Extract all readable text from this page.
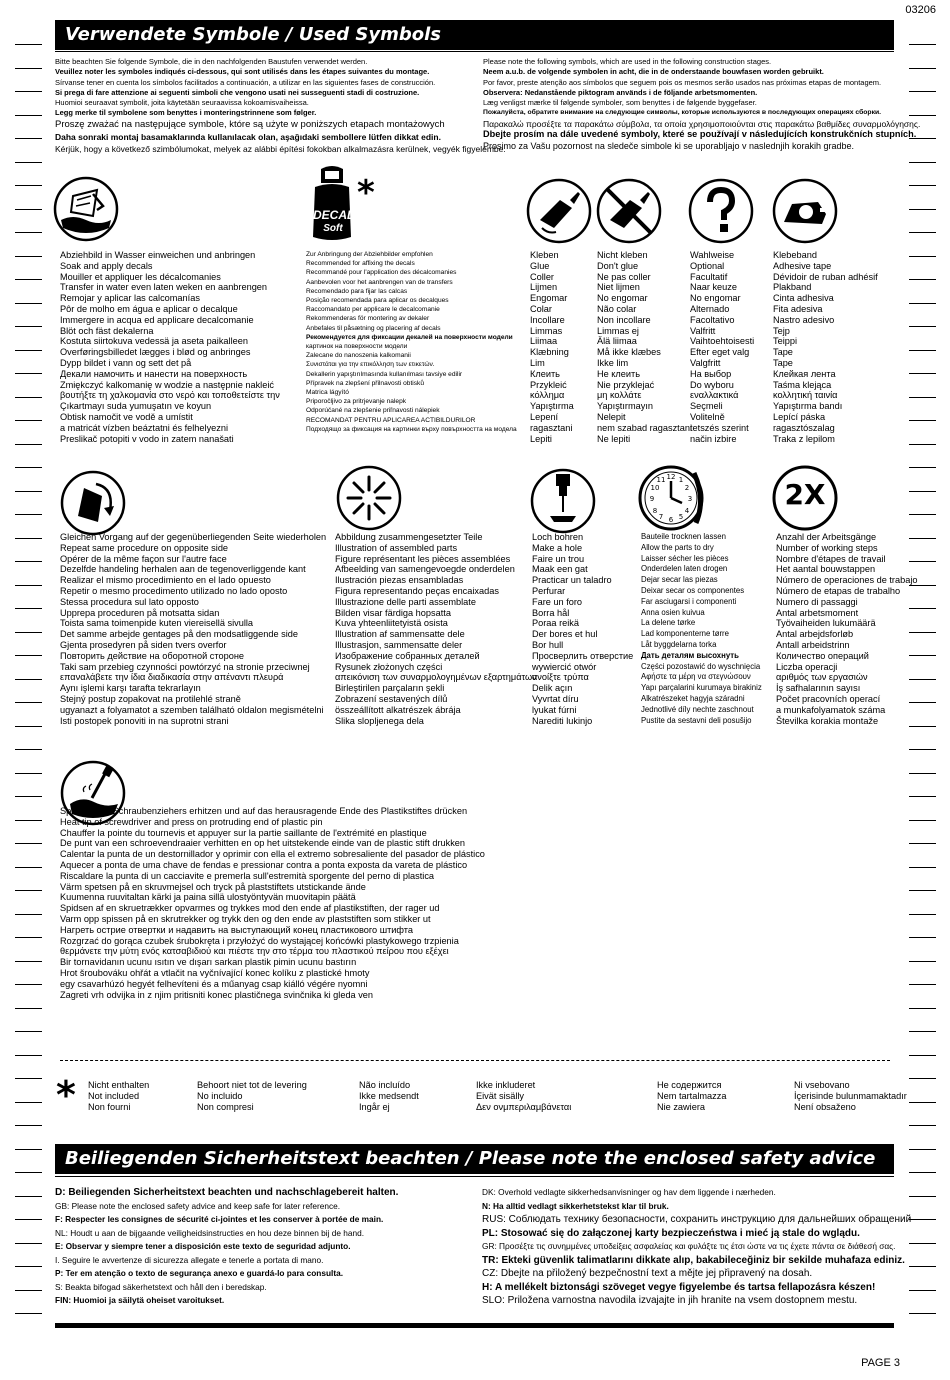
03206
Verwendete Symbole / Used Symbols
Bitte beachten Sie folgende Symbole, die in den nachfolgenden Baustufen verwendet werden.
Veuillez noter les symboles indiqués ci-dessous, qui sont utilisés dans les étapes suivantes du montage.
Sírvanse tener en cuenta los símbolos facilitados a continuación, a utilizar en las siguientes fases de construcción.
Si prega di fare attenzione ai seguenti simboli che vengono usati nei susseguenti stadi di costruzione.
Huomioi seuraavat symbolit, joita käytetään seuraavissa kokoamisvaiheissa.
Legg merke til symbolene som benyttes i monteringstrinnene som følger.
Proszę zważać na następujące symbole, które są użyte w poniższych etapach montażowych
Daha sonraki montaj basamaklarında kullanılacak olan, aşağıdaki sembollere lütfen dikkat edin.
Kérjük, hogy a következő szimbólumokat, melyek az alábbi építési fokokban alkalmazásra kerülnek, vegyék figyelembe.
Please note the following symbols, which are used in the following construction stages.
Neem a.u.b. de volgende symbolen in acht, die in de onderstaande bouwfasen worden gebruikt.
Por favor, preste atenção aos símbolos que seguem pois os mesmos serão usados nas próximas etapas de montagem.
Observera: Nedanstående piktogram används i de följande arbetsmomenten.
Læg venligst mærke til følgende symboler, som benyttes i de følgende byggefaser.
Пожалуйста, обратите внимание на следующие символы, которые используются в последующих операциях сборки.
Παρακαλώ προσέξτε τα παρακάτω σύμβολα, τα οποία χρησιμοποιούνται στις παρακάτω βαθμίδες συναρμολόγησης.
Dbejte prosím na dále uvedené symboly, které se používají v následujících konstrukčních stupních.
Prosimo za Vašu pozornost na sledeče simbole ki se uporabljajo v naslednjih korakih gradbe.
DECAL
Soft
*
Abziehbild in Wasser einweichen und anbringen
Soak and apply decals
Mouiller et appliquer les décalcomanies
Transfer in water even laten weken en aanbrengen
Remojar y aplicar las calcomanías
Pôr de molho em água e aplicar o decalque
Immergere in acqua ed applicare decalcomanie
Blöt och fäst dekalerna
Kostuta siirtokuva vedessä ja aseta paikalleen
Overføringsbilledet lægges i blød og anbringes
Dypp bildet i vann og sett det på
Декали намочить и нанести на поверхность
Zmiękczyć kalkomanię w wodzie a następnie nakleić
βουτήξτε τη χαλκομανία στο νερό και τοποθετείστε την
Çıkartmayı suda yumuşatın ve koyun
Obtisk namočit ve vodě a umístit
a matricát vízben beáztatni és felhelyezni
Preslikač potopiti v vodo in zatem nanašati
Zur Anbringung der Abziehbilder empfohlen
Recommended for affixing the decals
Recommandé pour l'application des décalcomanies
Aanbevolen voor het aanbrengen van de transfers
Recomendado para fijar las calcas
Posição recomendada para aplicar os decalques
Raccomandato per applicare le decalcomanie
Rekommenderas för montering av dekaler
Anbefales til påsætning og placering af decals
Рекомендуется для фиксации декалей на поверхности модели
картинок на поверхности модели
Zalecane do nanoszenia kalkomanii
Συνιστάται για την επικόλληση των ετικετών.
Dekallerin yapıştırılmasında kullanılması tavsiye edilir
Přípravek na zlepšení přilnavosti obtisků
Matrica lágyító
Priporočljivo za pritrjevanje nalepk
Odporúčané na zlepšenie priľnavosti nálepiek
RECOMANDAT PENTRU APLICAREA ACTIBILDURILOR
Подходящо за фиксация на картинки върху повърхността на модела
Kleben
Glue
Coller
Lijmen
Engomar
Colar
Incollare
Limmas
Liimaa
Klæbning
Lim
Клеить
Przykleić
κόλλημα
Yapıştırma
Lepení
ragasztani
Lepiti
Nicht kleben
Don't glue
Ne pas coller
Niet lijmen
No engomar
Não colar
Non incollare
Limmas ej
Älä liimaa
Må ikke klæbes
Ikke lim
Не клеить
Nie przyklejać
μη κολλάτε
Yapıştırmayın
Nelepit
nem szabad ragasztani
Ne lepiti
Wahlweise
Optional
Facultatif
Naar keuze
No engomar
Alternado
Facoltativo
Valfritt
Vaihtoehtoisesti
Efter eget valg
Valgfritt
На выбор
Do wyboru
εναλλακτικά
Seçmeli
Volitelně
tetszés szerint
način izbire
Klebeband
Adhesive tape
Dévidoir de ruban adhésif
Plakband
Cinta adhesiva
Fita adesiva
Nastro adesivo
Tejp
Teippi
Tape
Tape
Клейкая лента
Taśma klejąca
κολλητική ταινία
Yapıştırma bandı
Lepící páska
ragasztószalag
Traka z lepilom
12
3
6
9
1
2
4
5
7
8
10
11	2X
Gleichen Vorgang auf der gegenüberliegenden Seite wiederholen
Repeat same procedure on opposite side
Opérer de la même façon sur l'autre face
Dezelfde handeling herhalen aan de tegenoverliggende kant
Realizar el mismo procedimiento en el lado opuesto
Repetir o mesmo procedimento utilizado no lado oposto
Stessa procedura sul lato opposto
Upprepa proceduren på motsatta sidan
Toista sama toimenpide kuten viereisellä sivulla
Det samme arbejde gentages på den modsatliggende side
Gjenta prosedyren på siden tvers overfor
Повторить действие на оборотной стороне
Taki sam przebieg czynności powtórzyć na stronie przeciwnej
επαναλάβετε την ίδια διαδικασία στην απέναντι πλευρά
Aynı işlemi karşı tarafta tekrarlayın
Stejný postup zopakovat na protilehlé straně
ugyanazt a folyamatot a szemben található oldalon megismételni
Isti postopek ponoviti in na suprotni strani
Abbildung zusammengesetzter Teile
Illustration of assembled parts
Figure représentant les pièces assemblées
Afbeelding van samengevoegde onderdelen
Ilustración piezas ensambladas
Figura representando peças encaixadas
Illustrazione delle parti assemblate
Bilden visar färdiga hopsatta
Kuva yhteenliitetyistä osista
Illustration af sammensatte dele
Illustrasjon, sammensatte deler
Изображение собранных деталей
Rysunek złożonych części
απεικόνιση των συναρμολογημένων εξαρτημάτων
Birleştirilen parçaların şekli
Zobrazení sestavených dílů
összeállított alkatrészek ábrája
Slika slopljenega dela
Loch bohren
Make a hole
Faire un trou
Maak een gat
Practicar un taladro
Perfurar
Fare un foro
Borra hål
Poraa reikä
Der bores et hul
Bor hull
Просверлить отверстие
wywiercić otwór
ανοίξτε τρύπα
Delik açın
Vyvrtat díru
lyukat fúrni
Narediti lukinjo
Bauteile trocknen lassen
Allow the parts to dry
Laisser sécher les pièces
Onderdelen laten drogen
Dejar secar las piezas
Deixar secar os componentes
Far asciugarsi i componenti
Anna osien kuivua
La delene tørke
Lad komponenterne tørre
Låt byggdelarna torka
Дать деталям высохнуть
Części pozostawić do wyschnięcia
Αφήστε τα μέρη να στεγνώσουν
Yapı parçalarini kurumaya birakiniz
Alkatrészeket hagyja száradni
Jednotlivé díly nechte zaschnout
Pustite da sestavni deli posušijo
Anzahl der Arbeitsgänge
Number of working steps
Nombre d'étapes de travail
Het aantal bouwstappen
Número de operaciones de trabajo
Número de etapas de trabalho
Numero di passaggi
Antal arbetsmoment
Työvaiheiden lukumäärä
Antal arbejdsforløb
Antall arbeidstrinn
Количество операций
Liczba operacji
αριθμός των εργασιών
İş safhalarının sayısı
Počet pracovních operací
a munkafolyamatok száma
Številka korakia montaže
Spitze eines Schraubenziehers erhitzen und auf das herausragende Ende des Plastikstiftes drücken
Heat tip of screwdriver and press on protruding end of plastic pin
Chauffer la pointe du tournevis et appuyer sur la partie saillante de l'extrémité en plastique
De punt van een schroevendraaier verhitten en op het uitstekende einde van de plastic stift drukken
Calentar la punta de un destornillador y oprimir con ella el extremo sobresaliente del pasador de plástico
Aquecer a ponta de uma chave de fendas e pressionar contra a ponta exposta da vareta de plástico
Riscaldare la punta di un cacciavite e premerla sull'estremità sporgente del perno di plastica
Värm spetsen på en skruvmejsel och tryck på plaststiftets utstickande ände
Kuumenna ruuvitaltan kärki ja paina sillä ulostyöntyvän muovitapin päätä
Spidsen af en skruetrækker opvarmes og trykkes mod den ende af plastikstiften, der rager ud
Varm opp spissen på en skrutrekker og trykk den og den ende av plaststiften som stikker ut
Нагреть острие отвертки и надавить на выступающий конец пластикового штифта
Rozgrzać do gorąca czubek śrubokręta i przyłożyć do wystającej końcówki plastykowego trzpienia
θερμάνετε την μύτη ενός κατσαβιδιού και πιέστε την στο τέρμα του πλαστικού πείρου που εξέχει
Bir tornavidanın ucunu ısıtın ve dışarı sarkan plastik pimin ucunu bastırın
Hrot šroubováku ohřát a vtlačit na vyčnívající konec kolíku z plastické hmoty
egy csavarhúzó hegyét felhevíteni és a műanyag csap kiálló végére nyomni
Zagreti vrh odvijka in z njim pritisniti konec plastičnega svinčnika ki gleda ven
* Nicht enthalten
Not included
Non fourni
Behoort niet tot de levering
No incluido
Non compresi
Não incluído
Ikke medsendt
Ingår ej
Ikke inkluderet
Eivät sisälly
Δεν ονμπεριλαμβάνεται
Не содержится
Nem tartalmazza
Nie zawiera
Ni vsebovano
İçerisinde bulunmamaktadır
Není obsaženo
Beiliegenden Sicherheitstext beachten / Please note the enclosed safety advice
D: Beiliegenden Sicherheitstext beachten und nachschlagebereit halten.
GB: Please note the enclosed safety advice and keep safe for later reference.
F: Respecter les consignes de sécurité ci-jointes et les conserver à portée de main.
NL: Houdt u aan de bijgaande veiligheidsinstructies en hou deze binnen bij de hand.
E: Observar y siempre tener a disposición este texto de seguridad adjunto.
I. Seguire le avvertenze di sicurezza allegate e tenerle a portata di mano.
P: Ter em atenção o texto de segurança anexo e guardá-lo para consulta.
S: Beakta bifogad säkerhetstext och håll den i beredskap.
FIN: Huomioi ja säilytä oheiset varoitukset.
DK: Overhold vedlagte sikkerhedsanvisninger og hav dem liggende i nærheden.
N: Ha alltid vedlagt sikkerhetstekst klar til bruk.
RUS: Соблюдать технику безопасности, сохранить инструкцию для дальнейших обращений
PL: Stosować się do załączonej karty bezpieczeństwa i mieć ją stale do wglądu.
GR: Προσέξτε τις συνημμένες υποδείξεις ασφαλείας και φυλάξτε τις έτσι ώστε να τις έχετε πάντα σε διάθεσή σας.
TR: Ekteki güvenlik talimatlarını dikkate alıp, bakabileceğiniz bir sekilde muhafaza ediniz.
CZ: Dbejte na přiložený bezpečnostní text a mějte jej připravený na dosah.
H: A mellékelt biztonsági szöveget vegye figyelembe és tartsa fellapozásra készen!
SLO: Priložena varnostna navodila izvajajte in jih hranite na vsem dostopnem mestu.
PAGE 3
